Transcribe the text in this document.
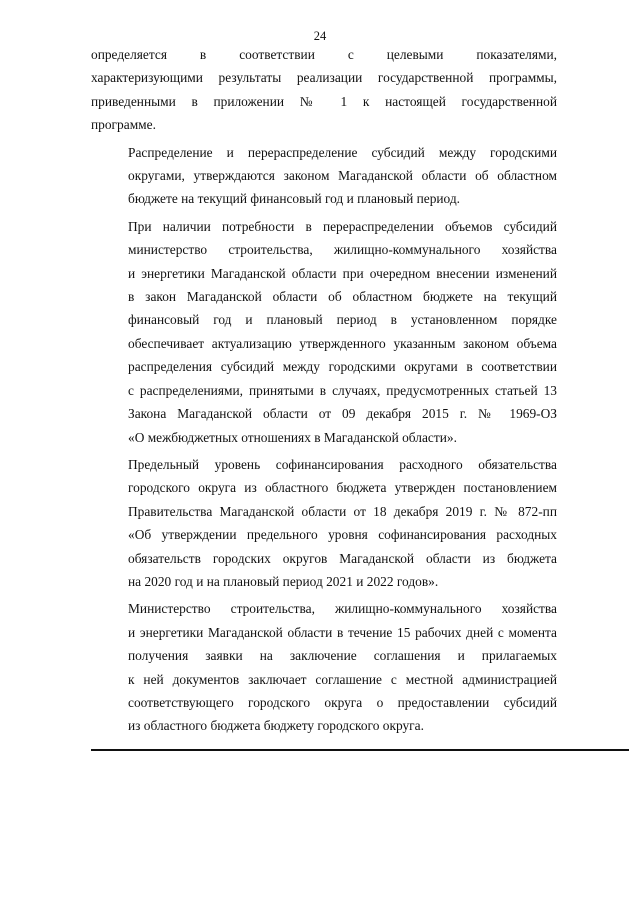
24
определяется в соответствии с целевыми показателями,
характеризующими результаты реализации государственной программы,
приведенными в приложении № 1 к настоящей государственной
программе.
Распределение и перераспределение субсидий между городскими
округами, утверждаются законом Магаданской области об областном
бюджете на текущий финансовый год и плановый период.
При наличии потребности в перераспределении объемов субсидий
министерство строительства, жилищно-коммунального хозяйства
и энергетики Магаданской области при очередном внесении изменений
в закон Магаданской области об областном бюджете на текущий
финансовый год и плановый период в установленном порядке
обеспечивает актуализацию утвержденного указанным законом объема
распределения субсидий между городскими округами в соответствии
с распределениями, принятыми в случаях, предусмотренных статьей 13
Закона Магаданской области от 09 декабря 2015 г. № 1969-ОЗ
«О межбюджетных отношениях в Магаданской области».
Предельный уровень софинансирования расходного обязательства
городского округа из областного бюджета утвержден постановлением
Правительства Магаданской области от 18 декабря 2019 г. № 872-пп
«Об утверждении предельного уровня софинансирования расходных
обязательств городских округов Магаданской области из бюджета
на 2020 год и на плановый период 2021 и 2022 годов».
Министерство строительства, жилищно-коммунального хозяйства
и энергетики Магаданской области в течение 15 рабочих дней с момента
получения заявки на заключение соглашения и прилагаемых
к ней документов заключает соглашение с местной администрацией
соответствующего городского округа о предоставлении субсидий
из областного бюджета бюджету городского округа.
